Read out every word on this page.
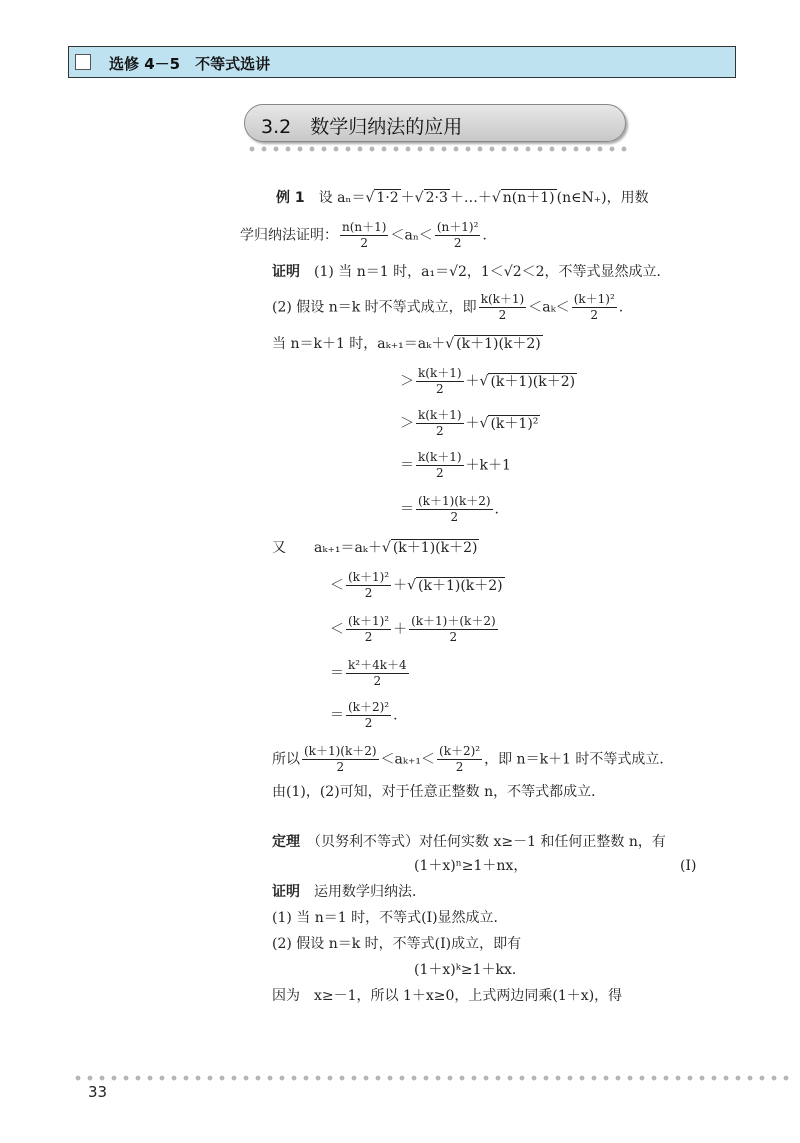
选修 4－5　不等式选讲
3.2　数学归纳法的应用
例 1　 设 aₙ＝√ 1·2 ＋√ 2·3 ＋…＋√ n(n＋1) (n∈N₊)，用数
学归纳法证明： $\frac{n(n+1)}{2} <a_n< \frac{\text{(n＋1)²}}{2}$ .
证明　 (1) 当 n＝1 时，a₁＝√2，1＜√2＜2，不等式显然成立．
(2) 假设 n＝k 时不等式成立，即 $\frac{k(k+1)}{2} <a_k< \frac{\text{(k＋1)²}}{2}$ .
当 n＝k＋1 时，aₖ₊₁＝aₖ＋√ (k＋1)(k＋2)
＞ $\frac{k(k+1)}{2}$ ＋√ (k＋1)(k＋2)
＞ $\frac{k(k+1)}{2}$ ＋√ (k＋1)²
＝ $\frac{k(k+1)}{2} +k+1$
＝ $\frac{(k+1)(k+2)}{2}$ .
又　　 aₖ₊₁＝aₖ＋√ (k＋1)(k＋2)
＜ $\frac{\text{(k＋1)²}}{2}$ ＋√ (k＋1)(k＋2)
＜ $\frac{\text{(k＋1)²}}{2} + \frac{(k+1)+(k+2)}{2}$
＝ $\frac{\text{k²＋4k＋4}}{2}$
＝ $\frac{\text{(k＋2)²}}{2}$ .
所以 $\frac{(k+1)(k+2)}{2} <a_{k+1}< \frac{\text{(k＋2)²}}{2}$ ，即 n＝k＋1 时不等式成立．
由(1)，(2)可知，对于任意正整数 n，不等式都成立．
定理　 （贝努利不等式）对任何实数 x≥－1 和任何正整数 n，有
(1＋x)ⁿ≥1＋nx，	(Ⅰ)
证明　 运用数学归纳法．
(1) 当 n＝1 时，不等式(Ⅰ)显然成立．
(2) 假设 n＝k 时，不等式(Ⅰ)成立，即有
(1＋x)ᵏ≥1＋kx．
因为　x≥－1，所以 1＋x≥0，上式两边同乘(1＋x)，得
33
